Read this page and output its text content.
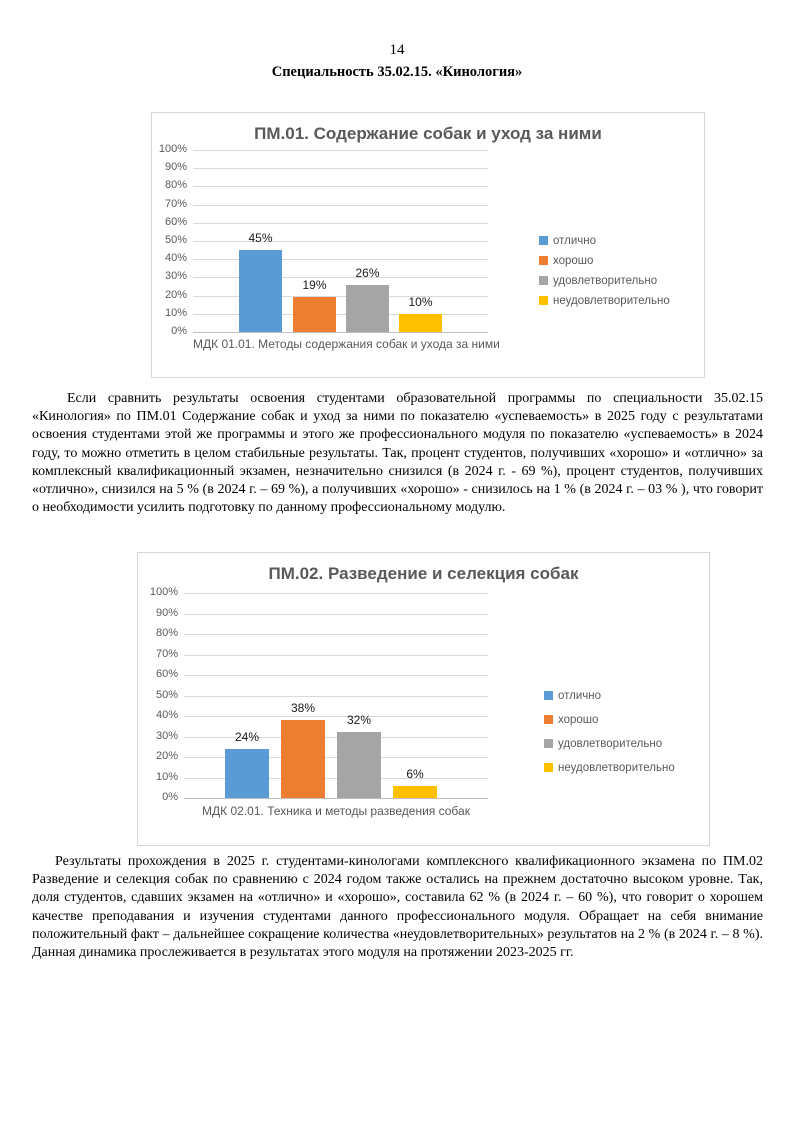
14
Специальность 35.02.15. «Кинология»
0%
10%
20%
30%
40%
50%
60%
70%
80%
90%
100%
45%
19%
26%
10%
ПМ.01. Содержание собак и уход за ними
МДК 01.01. Методы содержания собак и ухода за ними
отлично
хорошо
удовлетворительно
неудовлетворительно

Если сравнить результаты освоения студентами образовательной программы по специальности 35.02.15 «Кинология» по ПМ.01 Содержание собак и уход за ними по показателю «успеваемость» в 2025 году с результатами освоения студентами этой же программы и этого же профессионального модуля по показателю «успеваемость» в 2024 году, то можно отметить в целом стабильные результаты. Так, процент студентов, получивших «хорошо» и «отлично» за комплексный квалификационный экзамен, незначительно снизился (в 2024 г. - 69 %), процент студентов, получивших «отлично», снизился на 5 % (в 2024 г. – 69 %), а получивших «хорошо» - снизилось на 1 % (в 2024 г. – 03 % ), что говорит о необходимости усилить подготовку по данному профессиональному модулю.

0%
10%
20%
30%
40%
50%
60%
70%
80%
90%
100%
24%
38%
32%
6%
ПМ.02. Разведение и селекция собак
МДК 02.01. Техника и методы разведения собак
отлично
хорошо
удовлетворительно
неудовлетворительно

Результаты прохождения в 2025 г. студентами-кинологами комплексного квалификационного экзамена по ПМ.02 Разведение и селекция собак по сравнению с 2024 годом также остались на прежнем достаточно высоком уровне. Так, доля студентов, сдавших экзамен на «отлично» и «хорошо», составила 62 % (в 2024 г. – 60 %), что говорит о хорошем качестве преподавания и изучения студентами данного профессионального модуля. Обращает на себя внимание положительный факт – дальнейшее сокращение количества «неудовлетворительных» результатов на 2 % (в 2024 г. – 8 %). Данная динамика прослеживается в результатах этого модуля на протяжении 2023-2025 гг.
